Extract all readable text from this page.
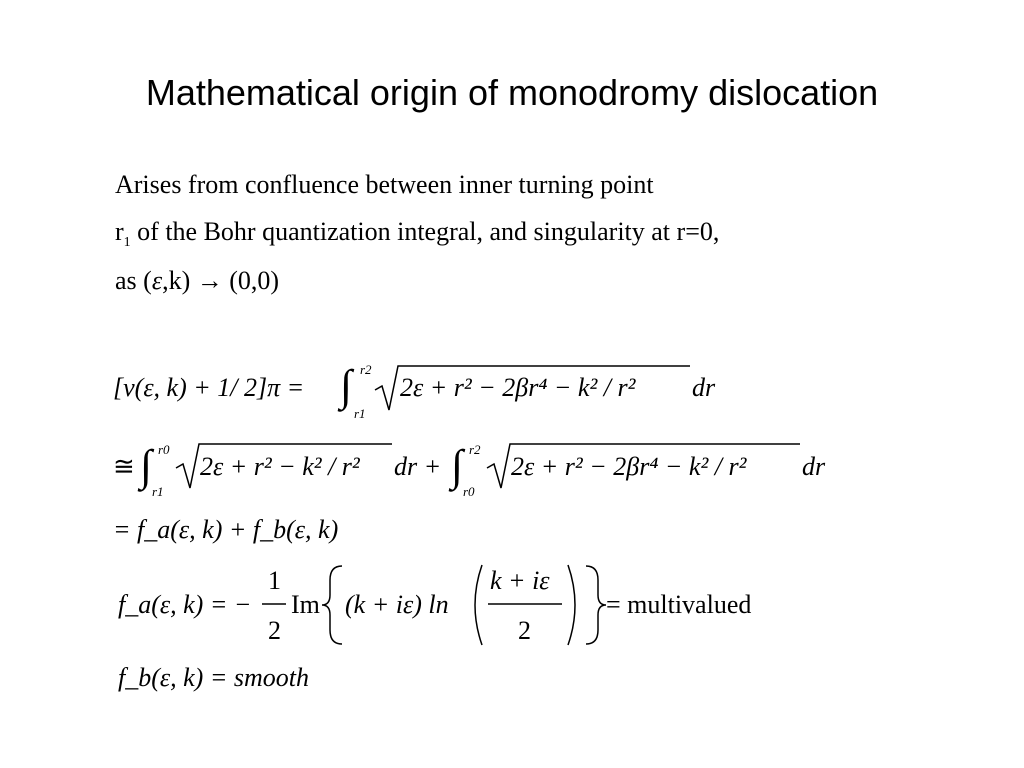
Mathematical origin of monodromy dislocation
Arises from confluence between inner turning point
$r_1$ of the Bohr quantization integral, and singularity at r=0,
as (ε,k) → (0,0)
[v(ε, k) + 1/ 2]π = ∫ r2
r1
2ε + r² − 2βr⁴ − k² / r² dr
≅ ∫ r0
r1
2ε + r² − k² / r² dr + ∫ r2
r0
2ε + r² − 2βr⁴ − k² / r² dr
= f_a(ε, k) + f_b(ε, k)
f_a(ε, k) = −
1
2
Im (k + iε) ln
k + iε
2
= multivalued
f_b(ε, k) = smooth
